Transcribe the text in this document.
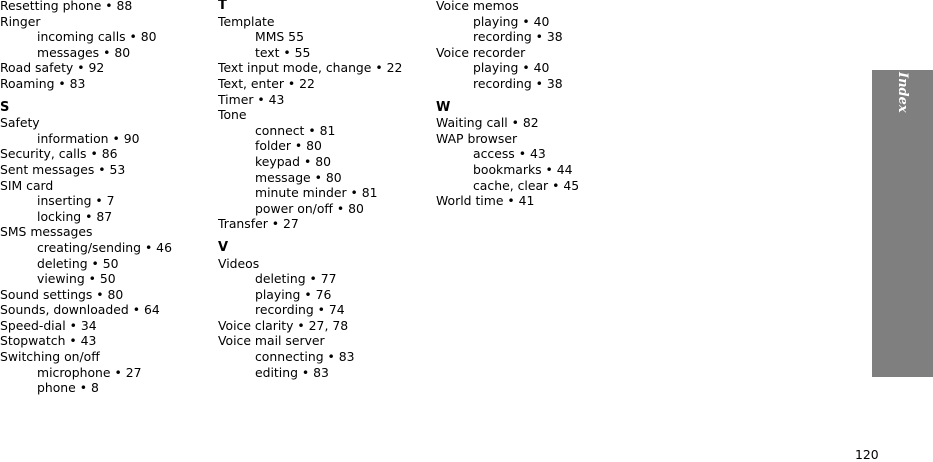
Resetting phone • 88
Ringer
incoming calls • 80
messages • 80
Road safety • 92
Roaming • 83
S
Safety
information • 90
Security, calls • 86
Sent messages • 53
SIM card
inserting • 7
locking • 87
SMS messages
creating/sending • 46
deleting • 50
viewing • 50
Sound settings • 80
Sounds, downloaded • 64
Speed-dial • 34
Stopwatch • 43
Switching on/off
microphone • 27
phone • 8
T
Template
MMS 55
text • 55
Text input mode, change • 22
Text, enter • 22
Timer • 43
Tone
connect • 81
folder • 80
keypad • 80
message • 80
minute minder • 81
power on/off • 80
Transfer • 27
V
Videos
deleting • 77
playing • 76
recording • 74
Voice clarity • 27, 78
Voice mail server
connecting • 83
editing • 83
Voice memos
playing • 40
recording • 38
Voice recorder
playing • 40
recording • 38
W
Waiting call • 82
WAP browser
access • 43
bookmarks • 44
cache, clear • 45
World time • 41
Index
120
